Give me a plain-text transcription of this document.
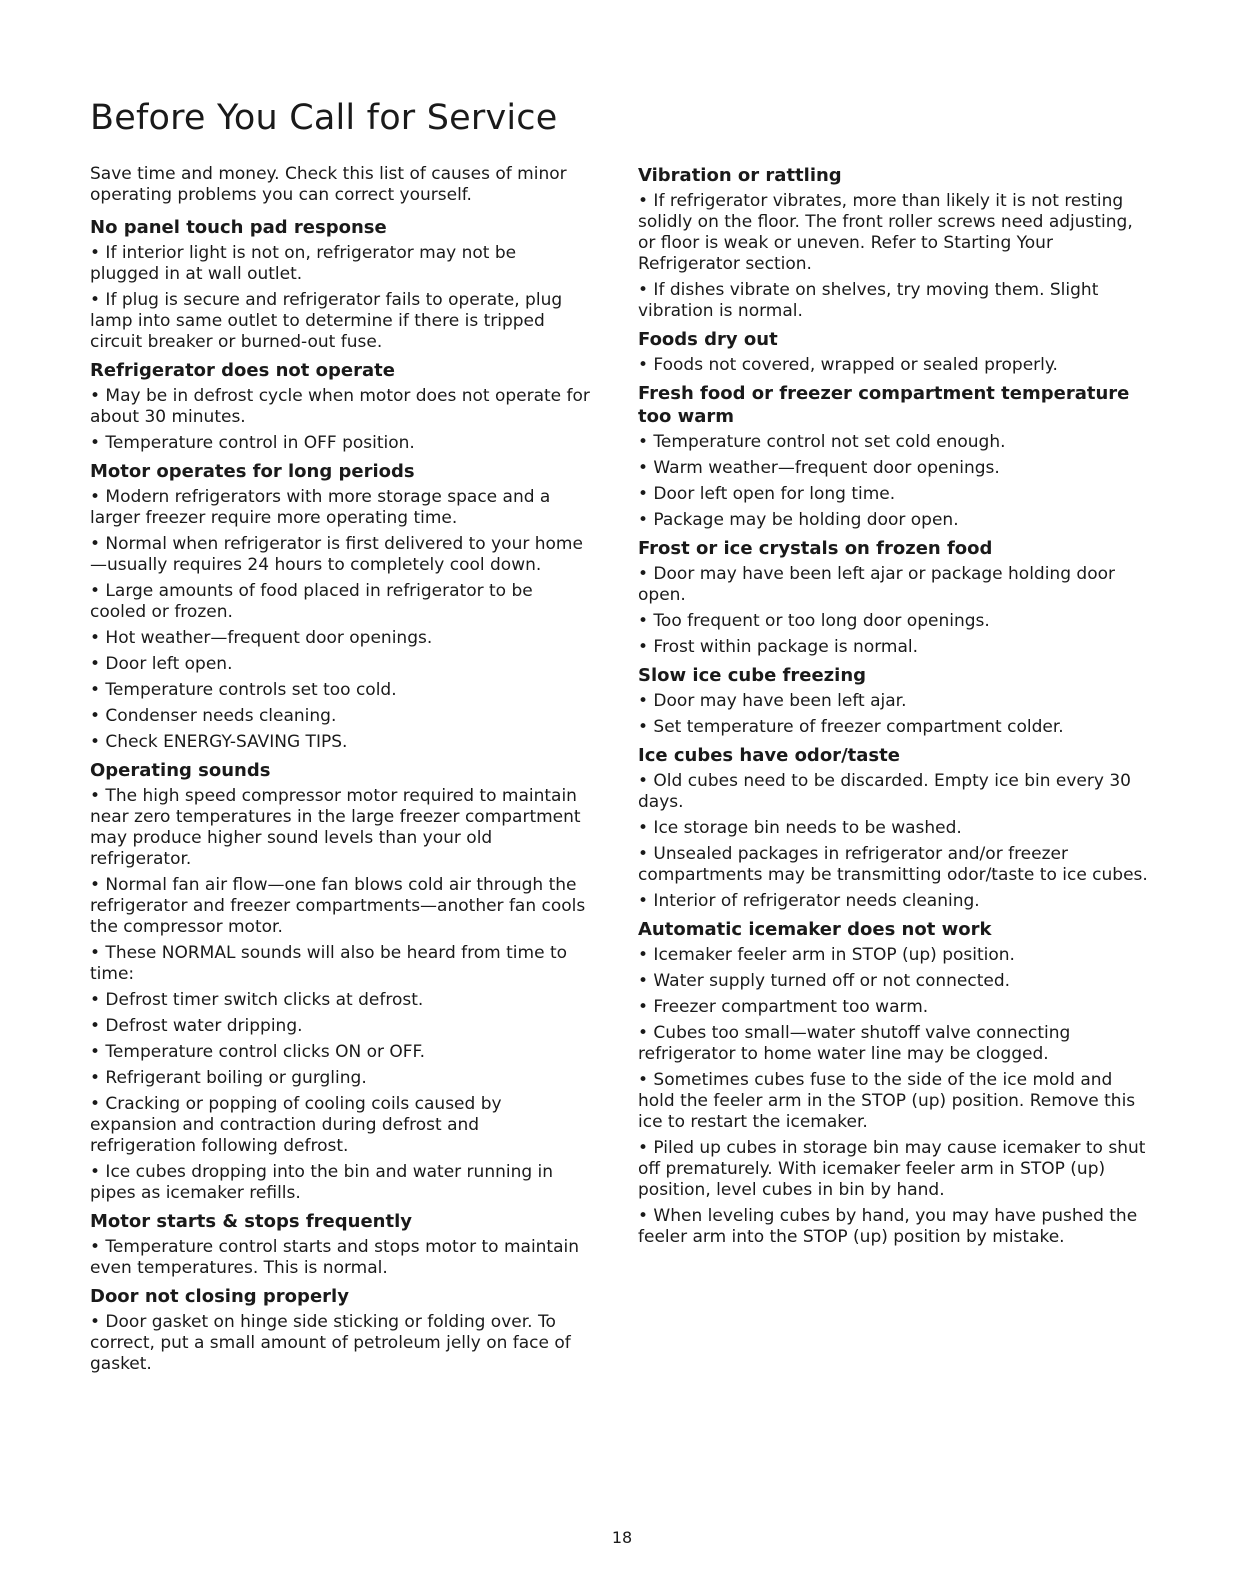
Before You Call for Service

Save time and money. Check this list of causes of minor operating problems you can correct yourself.

No panel touch pad response

• If interior light is not on, refrigerator may not be plugged in at wall outlet.

• If plug is secure and refrigerator fails to operate, plug lamp into same outlet to determine if there is tripped circuit breaker or burned-out fuse.

Refrigerator does not operate

• May be in defrost cycle when motor does not operate for about 30 minutes.

• Temperature control in OFF position.

Motor operates for long periods

• Modern refrigerators with more storage space and a larger freezer require more operating time.

• Normal when refrigerator is first delivered to your home—usually requires 24 hours to completely cool down.

• Large amounts of food placed in refrigerator to be cooled or frozen.

• Hot weather—frequent door openings.

• Door left open.

• Temperature controls set too cold.

• Condenser needs cleaning.

• Check ENERGY-SAVING TIPS.

Operating sounds

• The high speed compressor motor required to maintain near zero temperatures in the large freezer compartment may produce higher sound levels than your old refrigerator.

• Normal fan air flow—one fan blows cold air through the refrigerator and freezer compartments—another fan cools the compressor motor.

• These NORMAL sounds will also be heard from time to time:

• Defrost timer switch clicks at defrost.

• Defrost water dripping.

• Temperature control clicks ON or OFF.

• Refrigerant boiling or gurgling.

• Cracking or popping of cooling coils caused by expansion and contraction during defrost and refrigeration following defrost.

• Ice cubes dropping into the bin and water running in pipes as icemaker refills.

Motor starts & stops frequently

• Temperature control starts and stops motor to maintain even temperatures. This is normal.

Door not closing properly

• Door gasket on hinge side sticking or folding over. To correct, put a small amount of petroleum jelly on face of gasket.

Vibration or rattling

• If refrigerator vibrates, more than likely it is not resting solidly on the floor. The front roller screws need adjusting, or floor is weak or uneven. Refer to Starting Your Refrigerator section.

• If dishes vibrate on shelves, try moving them. Slight vibration is normal.

Foods dry out

• Foods not covered, wrapped or sealed properly.

Fresh food or freezer compartment temperature too warm

• Temperature control not set cold enough.

• Warm weather—frequent door openings.

• Door left open for long time.

• Package may be holding door open.

Frost or ice crystals on frozen food

• Door may have been left ajar or package holding door open.

• Too frequent or too long door openings.

• Frost within package is normal.

Slow ice cube freezing

• Door may have been left ajar.

• Set temperature of freezer compartment colder.

Ice cubes have odor/taste

• Old cubes need to be discarded. Empty ice bin every 30 days.

• Ice storage bin needs to be washed.

• Unsealed packages in refrigerator and/or freezer compartments may be transmitting odor/taste to ice cubes.

• Interior of refrigerator needs cleaning.

Automatic icemaker does not work

• Icemaker feeler arm in STOP (up) position.

• Water supply turned off or not connected.

• Freezer compartment too warm.

• Cubes too small—water shutoff valve connecting refrigerator to home water line may be clogged.

• Sometimes cubes fuse to the side of the ice mold and hold the feeler arm in the STOP (up) position. Remove this ice to restart the icemaker.

• Piled up cubes in storage bin may cause icemaker to shut off prematurely. With icemaker feeler arm in STOP (up) position, level cubes in bin by hand.

• When leveling cubes by hand, you may have pushed the feeler arm into the STOP (up) position by mistake.

18
